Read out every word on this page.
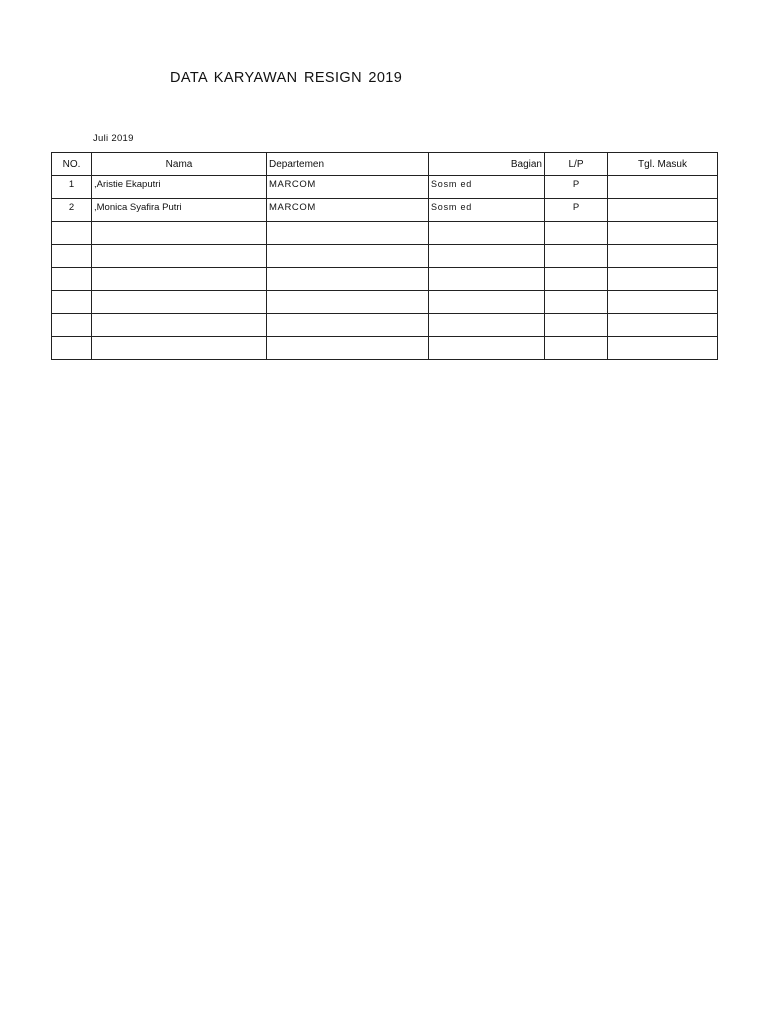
DATA KARYAWAN RESIGN 2019
Juli 2019
NO.	Nama	Departemen	Bagian	L/P	Tgl. Masuk
1	,Aristie Ekaputri	MARCOM	Sosm ed	P	
2	,Monica Syafira Putri	MARCOM	Sosm ed	P	
